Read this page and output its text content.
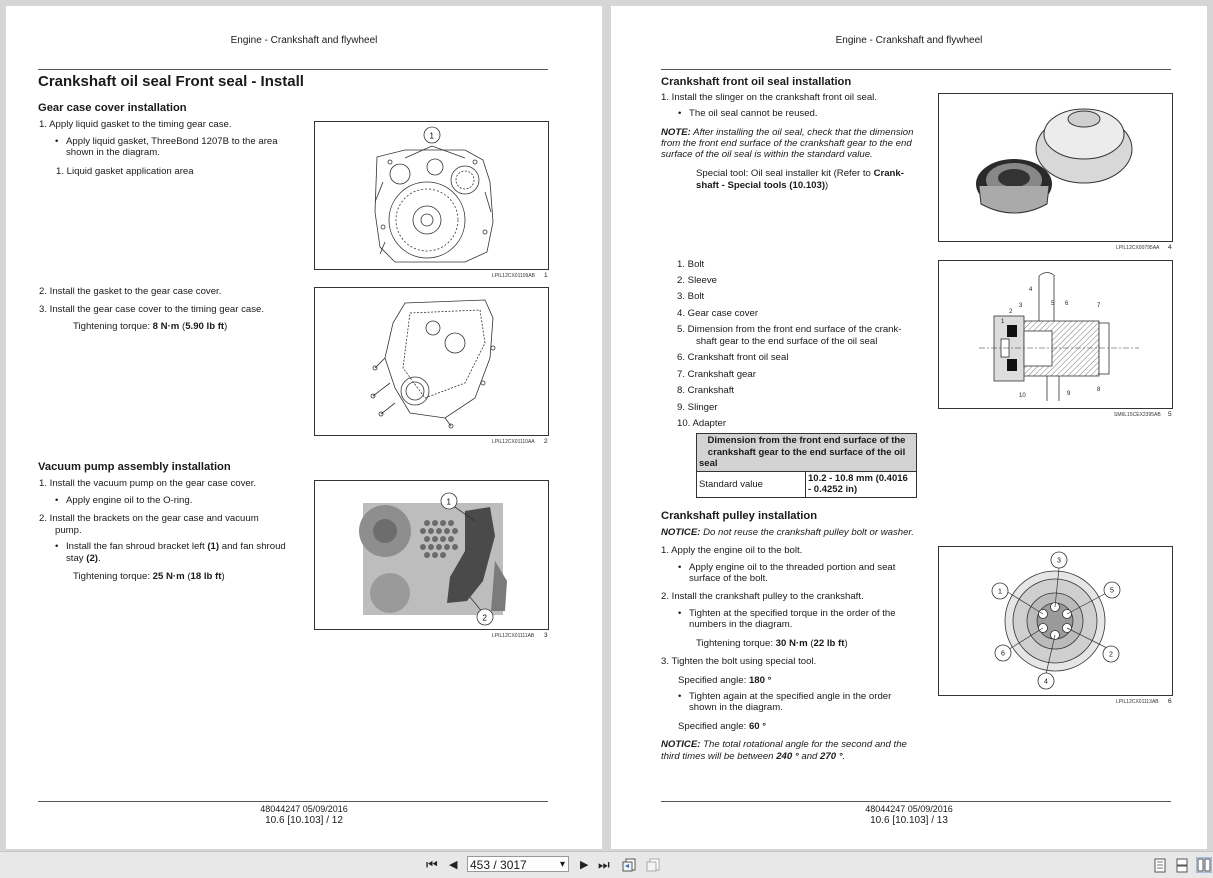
Engine - Crankshaft and flywheel
Crankshaft oil seal Front seal - Install
Gear case cover installation
1. Apply liquid gasket to the timing gear case.
• Apply liquid gasket, ThreeBond 1207B to the area
shown in the diagram.
1. Liquid gasket application area
1
LPIL12CX01109AB 1
2. Install the gasket to the gear case cover.
3. Install the gear case cover to the timing gear case.
Tightening torque: 8 N·m (5.90 lb ft)
LPIL12CX01110AA 2
Vacuum pump assembly installation
1. Install the vacuum pump on the gear case cover.
• Apply engine oil to the O-ring.
2. Install the brackets on the gear case and vacuum
pump.
• Install the fan shroud bracket left (1) and fan shroud
stay (2).
Tightening torque: 25 N·m (18 lb ft)
1
2
LPIL12CX01111AB 3
48044247 05/09/2016
10.6 [10.103] / 12
Engine - Crankshaft and flywheel
Crankshaft front oil seal installation
1. Install the slinger on the crankshaft front oil seal.
• The oil seal cannot be reused.
NOTE: After installing the oil seal, check that the dimension
from the front end surface of the crankshaft gear to the end
surface of the oil seal is within the standard value.
Special tool: Oil seal installer kit (Refer to Crank-
shaft - Special tools (10.103))
LPIL12CX00795AA 4
1. Bolt
2. Sleeve
3. Bolt
4. Gear case cover
5. Dimension from the front end surface of the crank-
shaft gear to the end surface of the oil seal
6. Crankshaft front oil seal
7. Crankshaft gear
8. Crankshaft
9. Slinger
10. Adapter
1
2
3
4
5 6	7
8
9
10
SM6L15CEX2395AB 5
Dimension from the front end surface of the
crankshaft gear to the end surface of the oil
seal

Standard value	
10.2 - 10.8 mm (0.4016
- 0.4252 in)
Crankshaft pulley installation
NOTICE: Do not reuse the crankshaft pulley bolt or washer.
1. Apply the engine oil to the bolt.
• Apply engine oil to the threaded portion and seat
surface of the bolt.
2. Install the crankshaft pulley to the crankshaft.
• Tighten at the specified torque in the order of the
numbers in the diagram.
Tightening torque: 30 N·m (22 lb ft)
3. Tighten the bolt using special tool.
Specified angle: 180 °
• Tighten again at the specified angle in the order
shown in the diagram.
Specified angle: 60 °
NOTICE: The total rotational angle for the second and the
third times will be between 240 ° and 270 °.
1
2
3
4
5
6
LPIL12CX01113AB 6
48044247 05/09/2016
10.6 [10.103] / 13
⏮ ◀ 453 / 3017	▾ ▶ ⏭
